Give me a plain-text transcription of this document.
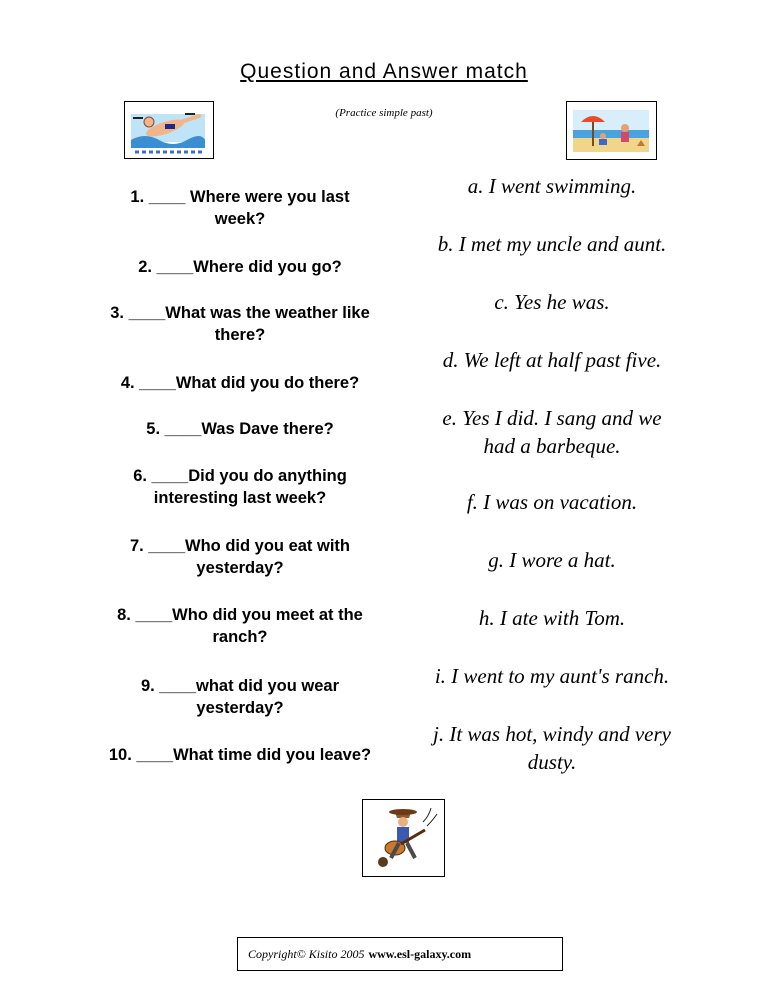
Question and Answer match
(Practice simple past)
1. ____ Where were you last
week?
2. ____Where did you go?
3. ____What was the weather like
there?
4. ____What did you do there?
5. ____Was Dave there?
6. ____Did you do anything
interesting last week?
7. ____Who did you eat with
yesterday?
8. ____Who did you meet at the
ranch?
9. ____what did you wear
yesterday?
10. ____What time did you leave?
a. I went swimming.
b. I met my uncle and aunt.
c. Yes he was.
d. We left at half past five.
e. Yes I did. I sang and we
had a barbeque.
f. I was on vacation.
g. I wore a hat.
h. I ate with Tom.
i. I went to my aunt's ranch.
j. It was hot, windy and very
dusty.
Copyright© Kisito 2005 www.esl-galaxy.com
